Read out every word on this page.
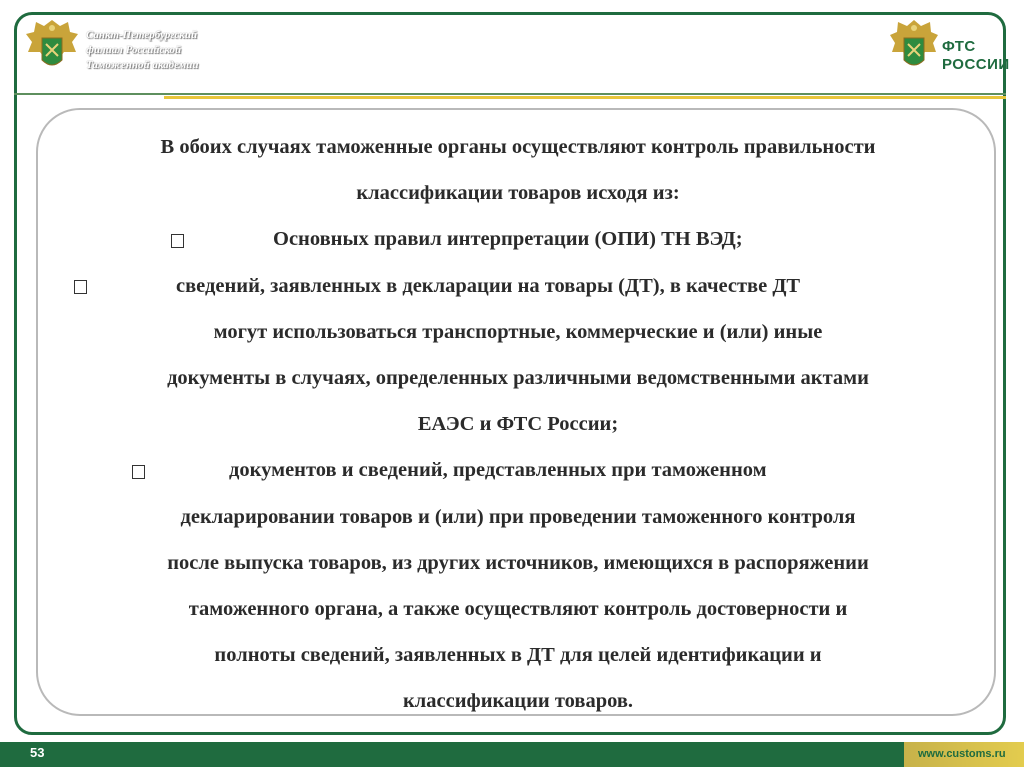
Санкт-Петербургский
филиал Российской
Таможенной академии
ФТС
РОССИИ
В обоих случаях таможенные органы осуществляют контроль правильности
классификации товаров исходя из:
Основных правил интерпретации (ОПИ) ТН ВЭД;
сведений, заявленных в декларации на товары (ДТ), в качестве ДТ
могут использоваться транспортные, коммерческие и (или) иные
документы в случаях, определенных различными ведомственными актами
ЕАЭС и ФТС России;
документов и сведений, представленных при таможенном
декларировании товаров и (или) при проведении таможенного контроля
после выпуска товаров, из других источников, имеющихся в распоряжении
таможенного органа, а также осуществляют контроль достоверности и
полноты сведений, заявленных в ДТ для целей идентификации и
классификации товаров.
53	www.customs.ru
